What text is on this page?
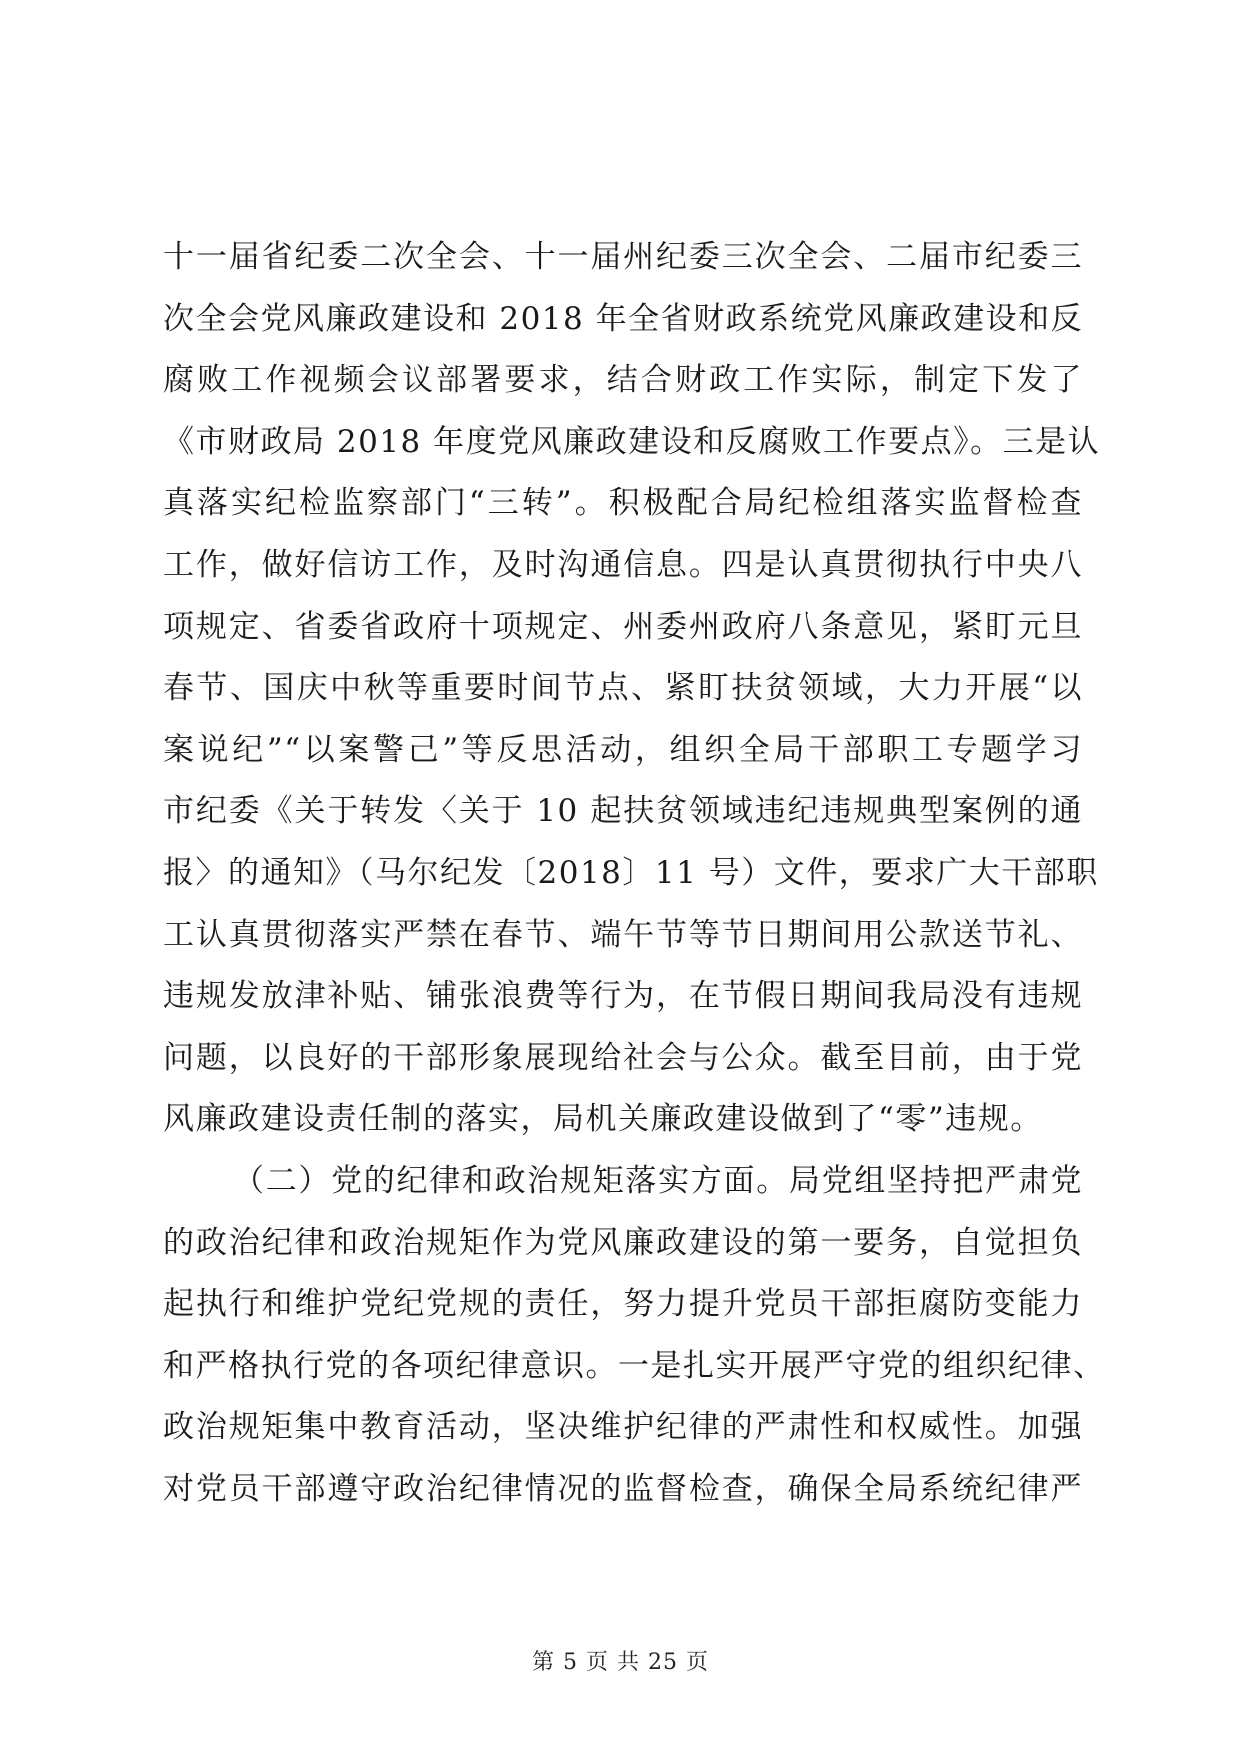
十一届省纪委二次全会、十一届州纪委三次全会、二届市纪委三
次全会党风廉政建设和 2018 年全省财政系统党风廉政建设和反
腐败工作视频会议部署要求，结合财政工作实际，制定下发了
《市财政局 2018 年度党风廉政建设和反腐败工作要点》。三是认
真落实纪检监察部门“三转”。积极配合局纪检组落实监督检查
工作，做好信访工作，及时沟通信息。四是认真贯彻执行中央八
项规定、省委省政府十项规定、州委州政府八条意见，紧盯元旦
春节、国庆中秋等重要时间节点、紧盯扶贫领域，大力开展“以
案说纪”“以案警己”等反思活动，组织全局干部职工专题学习
市纪委《关于转发〈关于 10 起扶贫领域违纪违规典型案例的通
报〉的通知》（马尔纪发〔2018〕11 号）文件，要求广大干部职
工认真贯彻落实严禁在春节、端午节等节日期间用公款送节礼、
违规发放津补贴、铺张浪费等行为，在节假日期间我局没有违规
问题，以良好的干部形象展现给社会与公众。截至目前，由于党
风廉政建设责任制的落实，局机关廉政建设做到了“零”违规。
（二）党的纪律和政治规矩落实方面。局党组坚持把严肃党
的政治纪律和政治规矩作为党风廉政建设的第一要务，自觉担负
起执行和维护党纪党规的责任，努力提升党员干部拒腐防变能力
和严格执行党的各项纪律意识。一是扎实开展严守党的组织纪律、
政治规矩集中教育活动，坚决维护纪律的严肃性和权威性。加强
对党员干部遵守政治纪律情况的监督检查，确保全局系统纪律严
第 5 页 共 25 页
